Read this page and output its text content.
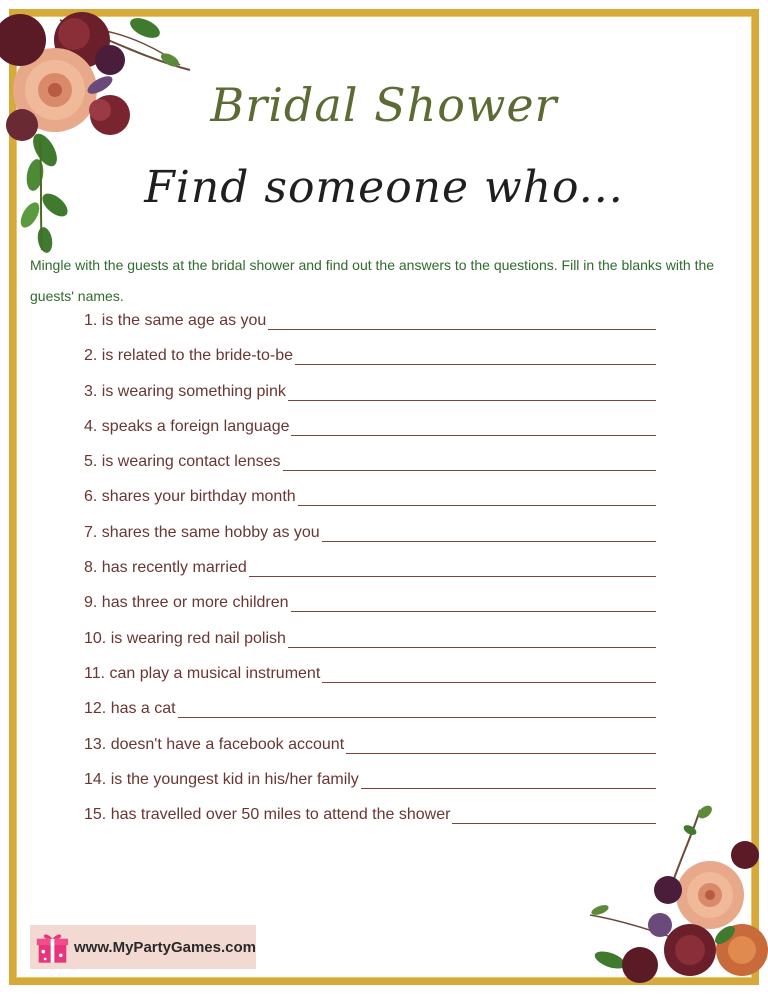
Bridal Shower
Find someone who...
Mingle with the guests at the bridal shower and find out the answers to the questions. Fill in the blanks with the guests' names.
1. is the same age as you
2. is related to the bride-to-be
3. is wearing something pink
4. speaks a foreign language
5. is wearing contact lenses
6. shares your birthday month
7. shares the same hobby as you
8. has recently married
9. has three or more children
10. is wearing red nail polish
11. can play a musical instrument
12. has a cat
13. doesn't have a facebook account
14. is the youngest kid in his/her family
15. has travelled over 50 miles to attend the shower
www.MyPartyGames.com
